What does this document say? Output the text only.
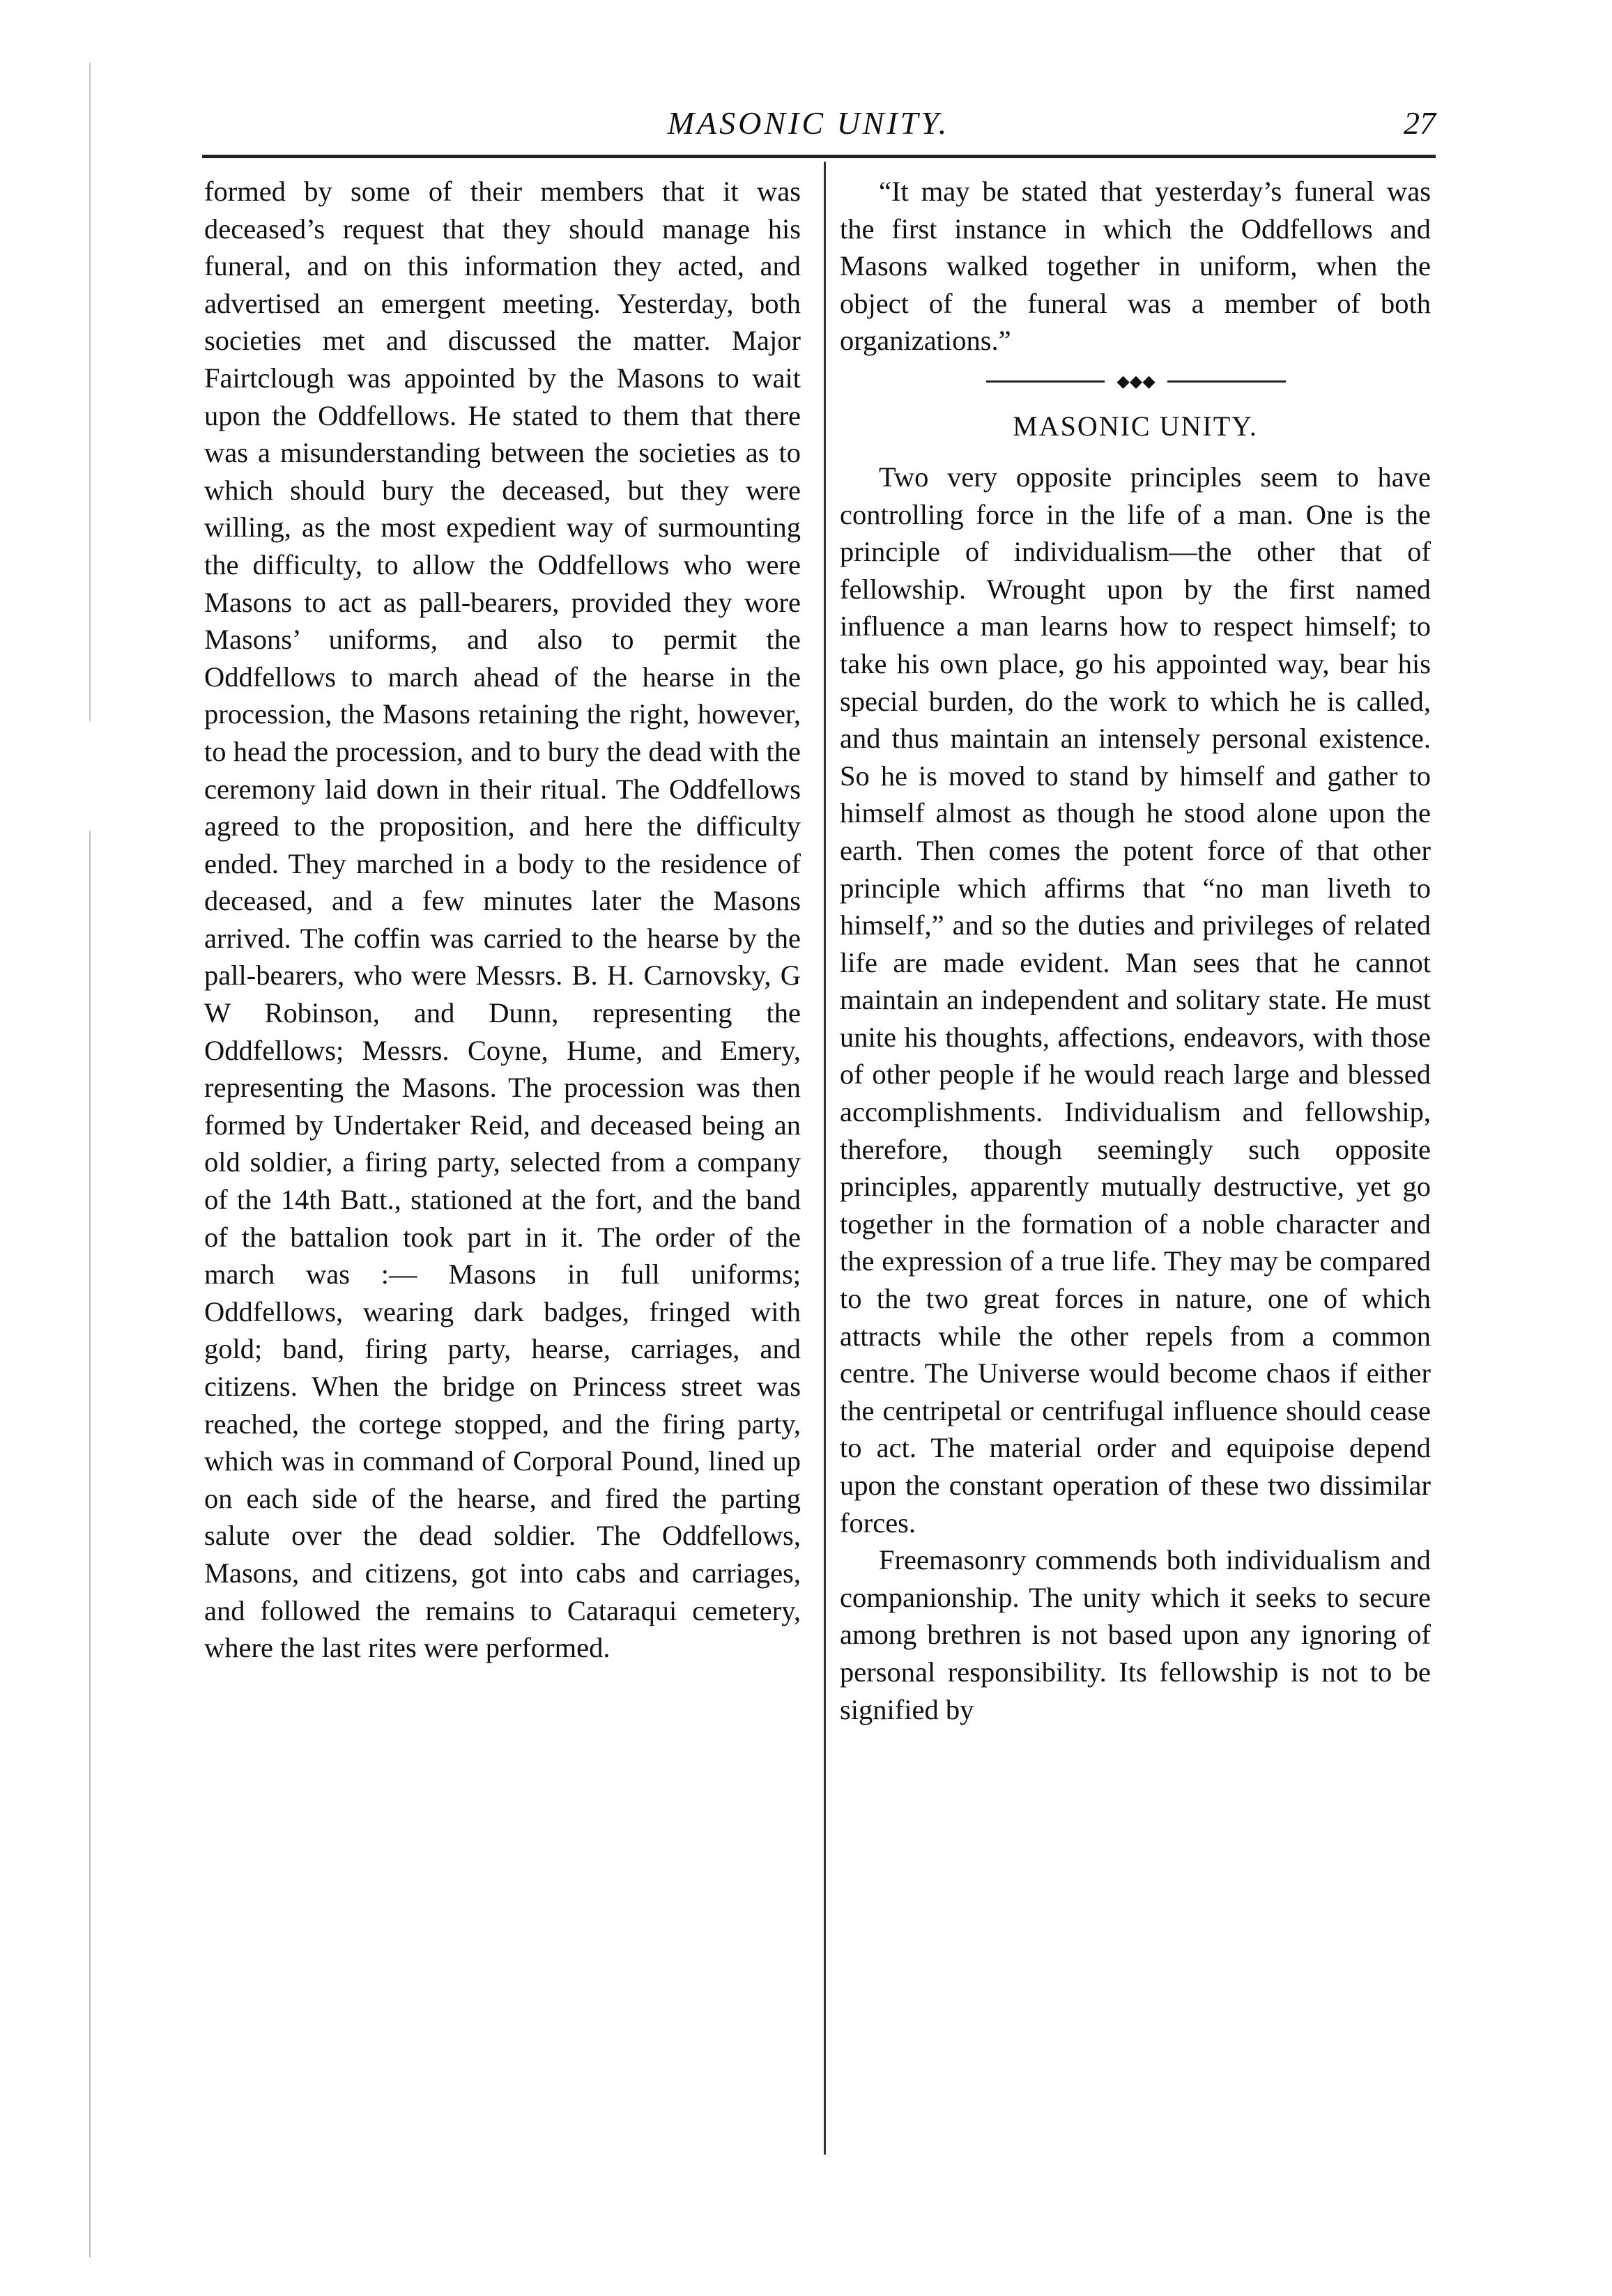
MASONIC UNITY.	27

formed by some of their members that it was deceased’s request that they should manage his funeral, and on this information they acted, and advertised an emergent meeting. Yesterday, both societies met and discussed the matter. Major Fairtclough was appointed by the Masons to wait upon the Oddfellows. He stated to them that there was a misunderstanding between the societies as to which should bury the deceased, but they were willing, as the most expedient way of surmounting the difficulty, to allow the Oddfellows who were Masons to act as pall-bearers, provided they wore Masons’ uniforms, and also to permit the Oddfellows to march ahead of the hearse in the procession, the Masons retaining the right, however, to head the procession, and to bury the dead with the ceremony laid down in their ritual. The Oddfellows agreed to the proposition, and here the difficulty ended. They marched in a body to the residence of deceased, and a few minutes later the Masons arrived. The coffin was carried to the hearse by the pall-bearers, who were Messrs. B. H. Carnovsky, G W Robinson, and Dunn, representing the Oddfellows; Messrs. Coyne, Hume, and Emery, representing the Masons. The procession was then formed by Undertaker Reid, and deceased being an old soldier, a firing party, selected from a company of the 14th Batt., stationed at the fort, and the band of the battalion took part in it. The order of the march was :— Masons in full uniforms; Oddfellows, wearing dark badges, fringed with gold; band, firing party, hearse, carriages, and citizens. When the bridge on Princess street was reached, the cortege stopped, and the firing party, which was in command of Corporal Pound, lined up on each side of the hearse, and fired the parting salute over the dead soldier. The Oddfellows, Masons, and citizens, got into cabs and carriages, and followed the remains to Cataraqui cemetery, where the last rites were performed.

“It may be stated that yesterday’s funeral was the first instance in which the Oddfellows and Masons walked together in uniform, when the object of the funeral was a member of both organizations.”

◆◆◆
MASONIC UNITY.

Two very opposite principles seem to have controlling force in the life of a man. One is the principle of individualism—the other that of fellowship. Wrought upon by the first named influence a man learns how to respect himself; to take his own place, go his appointed way, bear his special burden, do the work to which he is called, and thus maintain an intensely personal existence. So he is moved to stand by himself and gather to himself almost as though he stood alone upon the earth. Then comes the potent force of that other principle which affirms that “no man liveth to himself,” and so the duties and privileges of related life are made evident. Man sees that he cannot maintain an independent and solitary state. He must unite his thoughts, affections, endeavors, with those of other people if he would reach large and blessed accomplishments. Individualism and fellowship, therefore, though seemingly such opposite principles, apparently mutually destructive, yet go together in the formation of a noble character and the expression of a true life. They may be compared to the two great forces in nature, one of which attracts while the other repels from a common centre. The Universe would become chaos if either the centripetal or centrifugal influence should cease to act. The material order and equipoise depend upon the constant operation of these two dissimilar forces.

Freemasonry commends both individualism and companionship. The unity which it seeks to secure among brethren is not based upon any ignoring of personal responsibility. Its fellowship is not to be signified by
